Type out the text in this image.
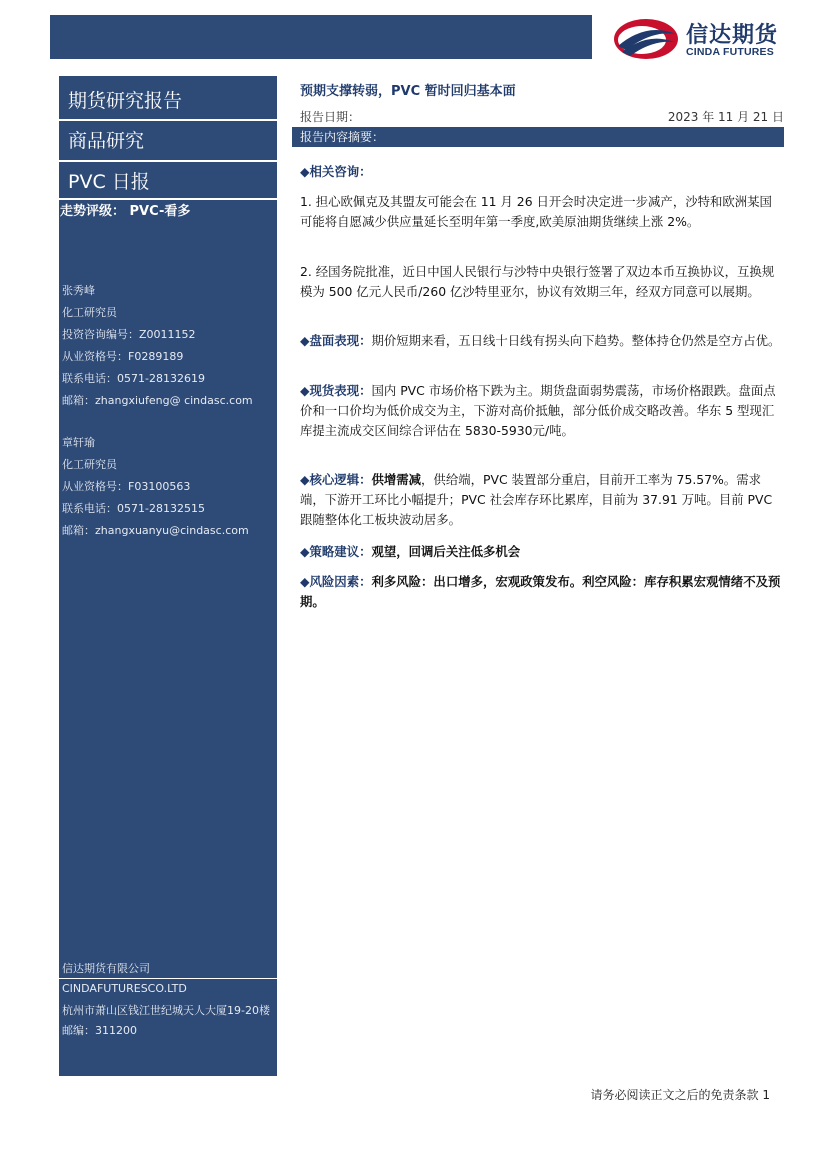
信达期货
CINDA FUTURES
期货研究报告
商品研究
PVC 日报
走势评级： PVC-看多
张秀峰
化工研究员
投资咨询编号：Z0011152
从业资格号：F0289189
联系电话：0571-28132619
邮箱：zhangxiufeng@ cindasc.com
章轩瑜
化工研究员
从业资格号：F03100563
联系电话：0571-28132515
邮箱：zhangxuanyu@cindasc.com
信达期货有限公司
CINDAFUTURESCO.LTD
杭州市萧山区钱江世纪城天人大厦19-20楼
邮编：311200
预期支撑转弱，PVC 暂时回归基本面
报告日期：	2023 年 11 月 21 日
报告内容摘要：
◆相关咨询：
1. 担心欧佩克及其盟友可能会在 11 月 26 日开会时决定进一步减产，沙特和欧洲某国可能将自愿减少供应量延长至明年第一季度,欧美原油期货继续上涨 2%。
2. 经国务院批准，近日中国人民银行与沙特中央银行签署了双边本币互换协议，互换规模为 500 亿元人民币/260 亿沙特里亚尔，协议有效期三年，经双方同意可以展期。
◆盘面表现：期价短期来看，五日线十日线有拐头向下趋势。整体持仓仍然是空方占优。
◆现货表现：国内 PVC 市场价格下跌为主。期货盘面弱势震荡，市场价格跟跌。盘面点价和一口价均为低价成交为主，下游对高价抵触，部分低价成交略改善。华东 5 型现汇库提主流成交区间综合评估在 5830-5930元/吨。
◆核心逻辑：供增需减，供给端，PVC 装置部分重启，目前开工率为 75.57%。需求端，下游开工环比小幅提升；PVC 社会库存环比累库，目前为 37.91 万吨。目前 PVC 跟随整体化工板块波动居多。
◆策略建议：观望，回调后关注低多机会
◆风险因素：利多风险：出口增多，宏观政策发布。利空风险：库存积累宏观情绪不及预期。
请务必阅读正文之后的免责条款 1
